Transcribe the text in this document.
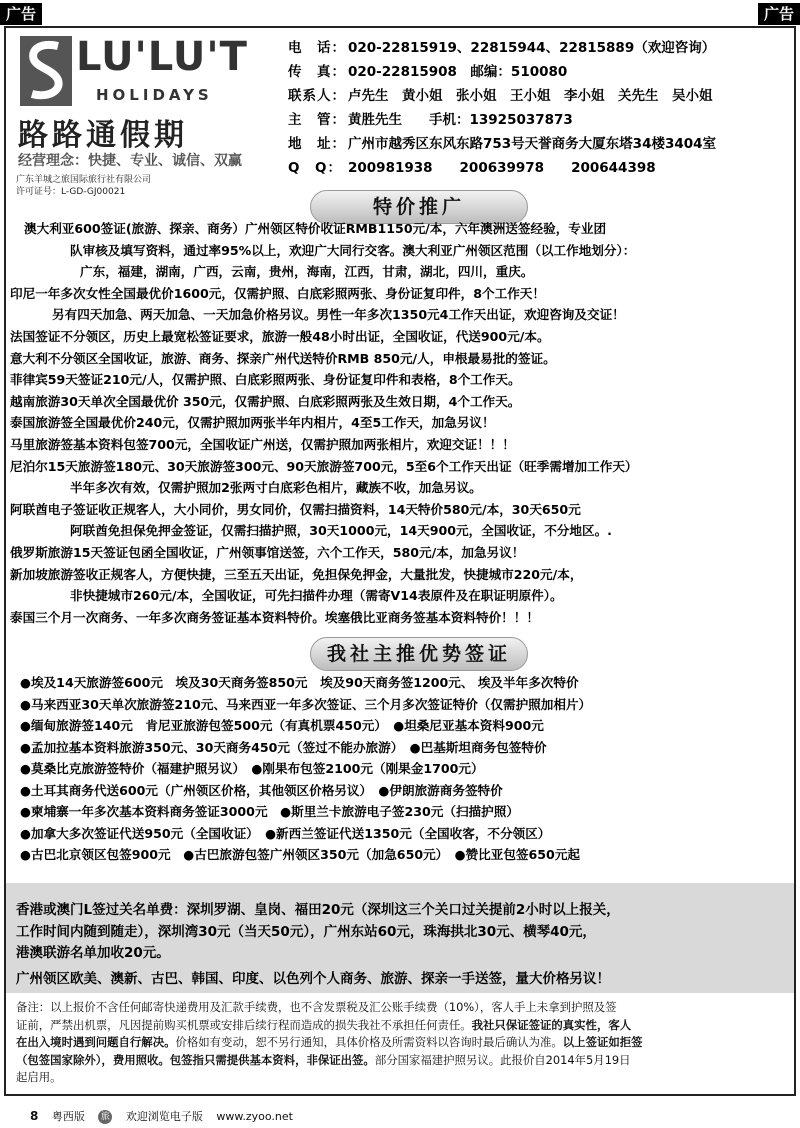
广告	广告
LU'LU'T
HOLIDAYS
路路通假期
经营理念：快捷、专业、诚信、双赢
广东羊城之旅国际旅行社有限公司
许可证号：L-GD-GJ00021
电　话： 020-22815919、22815944、22815889（欢迎咨询）
传　真： 020-22815908　邮编：510080
联系人： 卢先生　黄小姐　张小姐　王小姐　李小姐　关先生　吴小姐
主　管： 黄胜先生　　手机：13925037873
地　址： 广州市越秀区东风东路753号天誉商务大厦东塔34楼3404室
Q　Q： 200981938　　200639978　　200644398
特价推广
澳大利亚600签证(旅游、探亲、商务）广州领区特价收证RMB1150元/本，六年澳洲送签经验，专业团
队审核及填写资料，通过率95%以上，欢迎广大同行交客。澳大利亚广州领区范围（以工作地划分）：
广东，福建，湖南，广西，云南，贵州，海南，江西，甘肃，湖北，四川，重庆。
印尼一年多次女性全国最优价1600元，仅需护照、白底彩照两张、身份证复印件，8个工作天！
另有四天加急、两天加急、一天加急价格另议。男性一年多次1350元4工作天出证，欢迎咨询及交证！
法国签证不分领区，历史上最宽松签证要求，旅游一般48小时出证，全国收证，代送900元/本。
意大利不分领区全国收证，旅游、商务、探亲广州代送特价RMB 850元/人，申根最易批的签证。
菲律宾59天签证210元/人，仅需护照、白底彩照两张、身份证复印件和表格，8个工作天。
越南旅游30天单次全国最优价 350元，仅需护照、白底彩照两张及生效日期，4个工作天。
泰国旅游签全国最优价240元，仅需护照加两张半年内相片，4至5工作天，加急另议！
马里旅游签基本资料包签700元，全国收证广州送，仅需护照加两张相片，欢迎交证！！！
尼泊尔15天旅游签180元、30天旅游签300元、90天旅游签700元，5至6个工作天出证（旺季需增加工作天）
半年多次有效，仅需护照加2张两寸白底彩色相片，藏族不收，加急另议。
阿联酋电子签证收正规客人，大小同价，男女同价，仅需扫描资料，14天特价580元/本，30天650元
阿联酋免担保免押金签证，仅需扫描护照，30天1000元，14天900元，全国收证，不分地区。.
俄罗斯旅游15天签证包函全国收证，广州领事馆送签，六个工作天，580元/本，加急另议！
新加坡旅游签收正规客人，方便快捷，三至五天出证，免担保免押金，大量批发，快捷城市220元/本，
非快捷城市260元/本，全国收证，可先扫描件办理（需寄V14表原件及在职证明原件）。
泰国三个月一次商务、一年多次商务签证基本资料特价。埃塞俄比亚商务签基本资料特价！！！
我社主推优势签证
●埃及14天旅游签600元　埃及30天商务签850元　埃及90天商务签1200元、 埃及半年多次特价
●马来西亚30天单次旅游签210元、马来西亚一年多次签证、三个月多次签证特价（仅需护照加相片）
●缅甸旅游签140元　肯尼亚旅游包签500元（有真机票450元）　●坦桑尼亚基本资料900元
●孟加拉基本资料旅游350元、30天商务450元（签过不能办旅游）　●巴基斯坦商务包签特价
●莫桑比克旅游签特价（福建护照另议）　●刚果布包签2100元（刚果金1700元）
●土耳其商务代送600元（广州领区价格，其他领区价格另议）　●伊朗旅游商务签特价
●柬埔寨一年多次基本资料商务签证3000元　●斯里兰卡旅游电子签230元（扫描护照）
●加拿大多次签证代送950元（全国收证）　●新西兰签证代送1350元（全国收客，不分领区）
●古巴北京领区包签900元　●古巴旅游包签广州领区350元（加急650元）　●赞比亚包签650元起
香港或澳门L签过关名单费：深圳罗湖、皇岗、福田20元（深圳这三个关口过关提前2小时以上报关，
工作时间内随到随走），深圳湾30元（当天50元），广州东站60元，珠海拱北30元、横琴40元，
港澳联游名单加收20元。
广州领区欧美、澳新、古巴、韩国、印度、以色列个人商务、旅游、探亲一手送签，量大价格另议！
备注：以上报价不含任何邮寄快递费用及汇款手续费，也不含发票税及汇公账手续费（10%），客人手上未拿到护照及签
证前，严禁出机票，凡因提前购买机票或安排后续行程而造成的损失我社不承担任何责任。我社只保证签证的真实性，客人
在出入境时遇到问题自行解决。价格如有变动，恕不另行通知，具体价格及所需资料以咨询时最后确认为准。以上签证如拒签
（包签国家除外），费用照收。包签指只需提供基本资料，非保证出签。部分国家福建护照另议。此报价自2014年5月19日
起启用。
8 粤西版 旅 欢迎浏览电子版 www.zyoo.net
